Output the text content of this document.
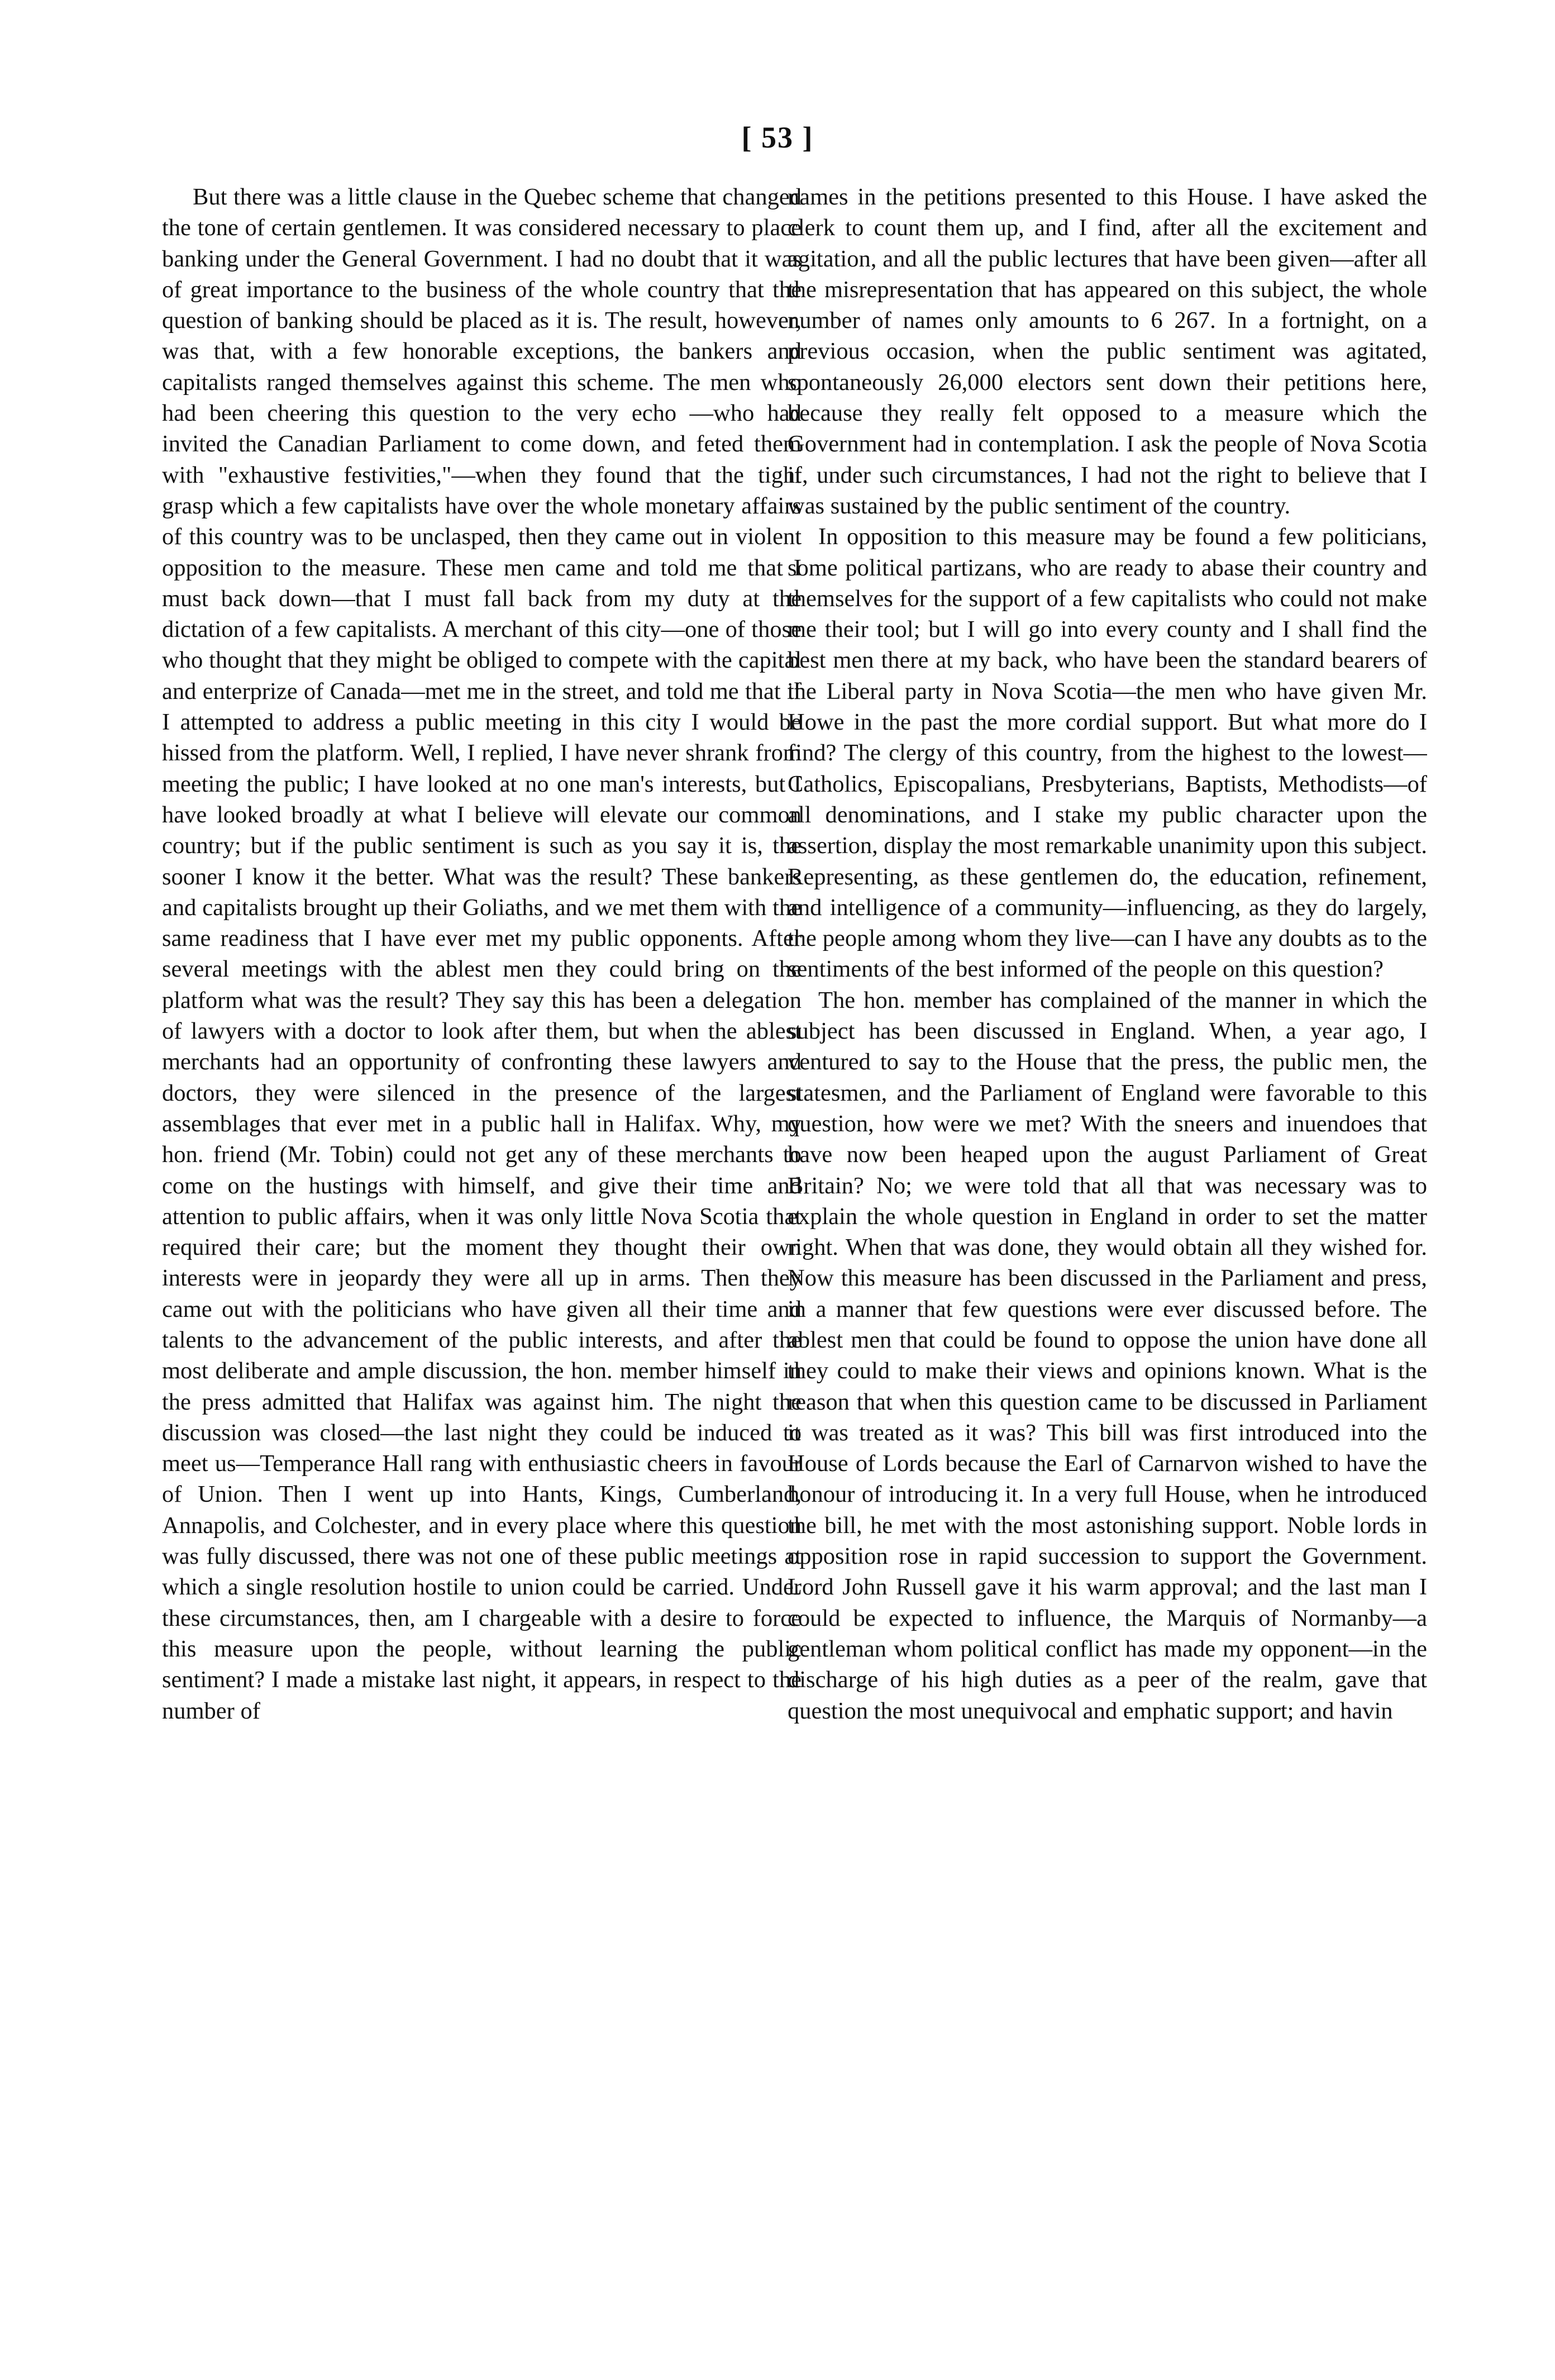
[ 53 ]

But there was a little clause in the Quebec scheme that changed the tone of certain gentlemen. It was considered necessary to place banking under the General Government. I had no doubt that it was of great importance to the business of the whole country that the question of banking should be placed as it is. The result, however, was that, with a few honorable exceptions, the bankers and capitalists ranged themselves against this scheme. The men who had been cheering this question to the very echo —who had invited the Canadian Parliament to come down, and feted them with "exhaustive festivities,"—when they found that the tight grasp which a few capitalists have over the whole monetary affairs of this country was to be unclasped, then they came out in violent opposition to the measure. These men came and told me that I must back down—that I must fall back from my duty at the dictation of a few capitalists. A merchant of this city—one of those who thought that they might be obliged to compete with the capital and enterprize of Canada—met me in the street, and told me that if I attempted to address a public meeting in this city I would be hissed from the platform. Well, I replied, I have never shrank from meeting the public; I have looked at no one man's interests, but I have looked broadly at what I believe will elevate our common country; but if the public sentiment is such as you say it is, the sooner I know it the better. What was the result? These bankers and capitalists brought up their Goliaths, and we met them with the same readiness that I have ever met my public opponents. After several meetings with the ablest men they could bring on the platform what was the result? They say this has been a delegation of lawyers with a doctor to look after them, but when the ablest merchants had an opportunity of confronting these lawyers and doctors, they were silenced in the presence of the largest assemblages that ever met in a public hall in Halifax. Why, my hon. friend (Mr. Tobin) could not get any of these merchants to come on the hustings with himself, and give their time and attention to public affairs, when it was only little Nova Scotia that required their care; but the moment they thought their own interests were in jeopardy they were all up in arms. Then they came out with the politicians who have given all their time and talents to the advancement of the public interests, and after the most deliberate and ample discussion, the hon. member himself in the press admitted that Halifax was against him. The night the discussion was closed—the last night they could be induced to meet us—Temperance Hall rang with enthusiastic cheers in favour of Union. Then I went up into Hants, Kings, Cumberland, Annapolis, and Colchester, and in every place where this question was fully discussed, there was not one of these public meetings at which a single resolution hostile to union could be carried. Under these circumstances, then, am I chargeable with a desire to force this measure upon the people, without learning the public sentiment? I made a mistake last night, it appears, in respect to the number of

names in the petitions presented to this House. I have asked the clerk to count them up, and I find, after all the excitement and agitation, and all the public lectures that have been given—after all the misrepresentation that has appeared on this subject, the whole number of names only amounts to 6 267. In a fortnight, on a previous occasion, when the public sentiment was agitated, spontaneously 26,000 electors sent down their petitions here, because they really felt opposed to a measure which the Government had in contemplation. I ask the people of Nova Scotia if, under such circumstances, I had not the right to believe that I was sustained by the public sentiment of the country.

In opposition to this measure may be found a few politicians, some political partizans, who are ready to abase their country and themselves for the support of a few capitalists who could not make me their tool; but I will go into every county and I shall find the best men there at my back, who have been the standard bearers of the Liberal party in Nova Scotia—the men who have given Mr. Howe in the past the more cordial support. But what more do I find? The clergy of this country, from the highest to the lowest—Catholics, Episcopalians, Presbyterians, Baptists, Methodists—of all denominations, and I stake my public character upon the assertion, display the most remarkable unanimity upon this subject. Representing, as these gentlemen do, the education, refinement, and intelligence of a community—influencing, as they do largely, the people among whom they live—can I have any doubts as to the sentiments of the best informed of the people on this question?

The hon. member has complained of the manner in which the subject has been discussed in England. When, a year ago, I ventured to say to the House that the press, the public men, the statesmen, and the Parliament of England were favorable to this question, how were we met? With the sneers and inuendoes that have now been heaped upon the august Parliament of Great Britain? No; we were told that all that was necessary was to explain the whole question in England in order to set the matter right. When that was done, they would obtain all they wished for. Now this measure has been discussed in the Parliament and press, in a manner that few questions were ever discussed before. The ablest men that could be found to oppose the union have done all they could to make their views and opinions known. What is the reason that when this question came to be discussed in Parliament it was treated as it was? This bill was first introduced into the House of Lords because the Earl of Carnarvon wished to have the honour of introducing it. In a very full House, when he introduced the bill, he met with the most astonishing support. Noble lords in opposition rose in rapid succession to support the Government. Lord John Russell gave it his warm approval; and the last man I could be expected to influence, the Marquis of Normanby—a gentleman whom political conflict has made my opponent—in the discharge of his high duties as a peer of the realm, gave that question the most unequivocal and emphatic support; and havin
